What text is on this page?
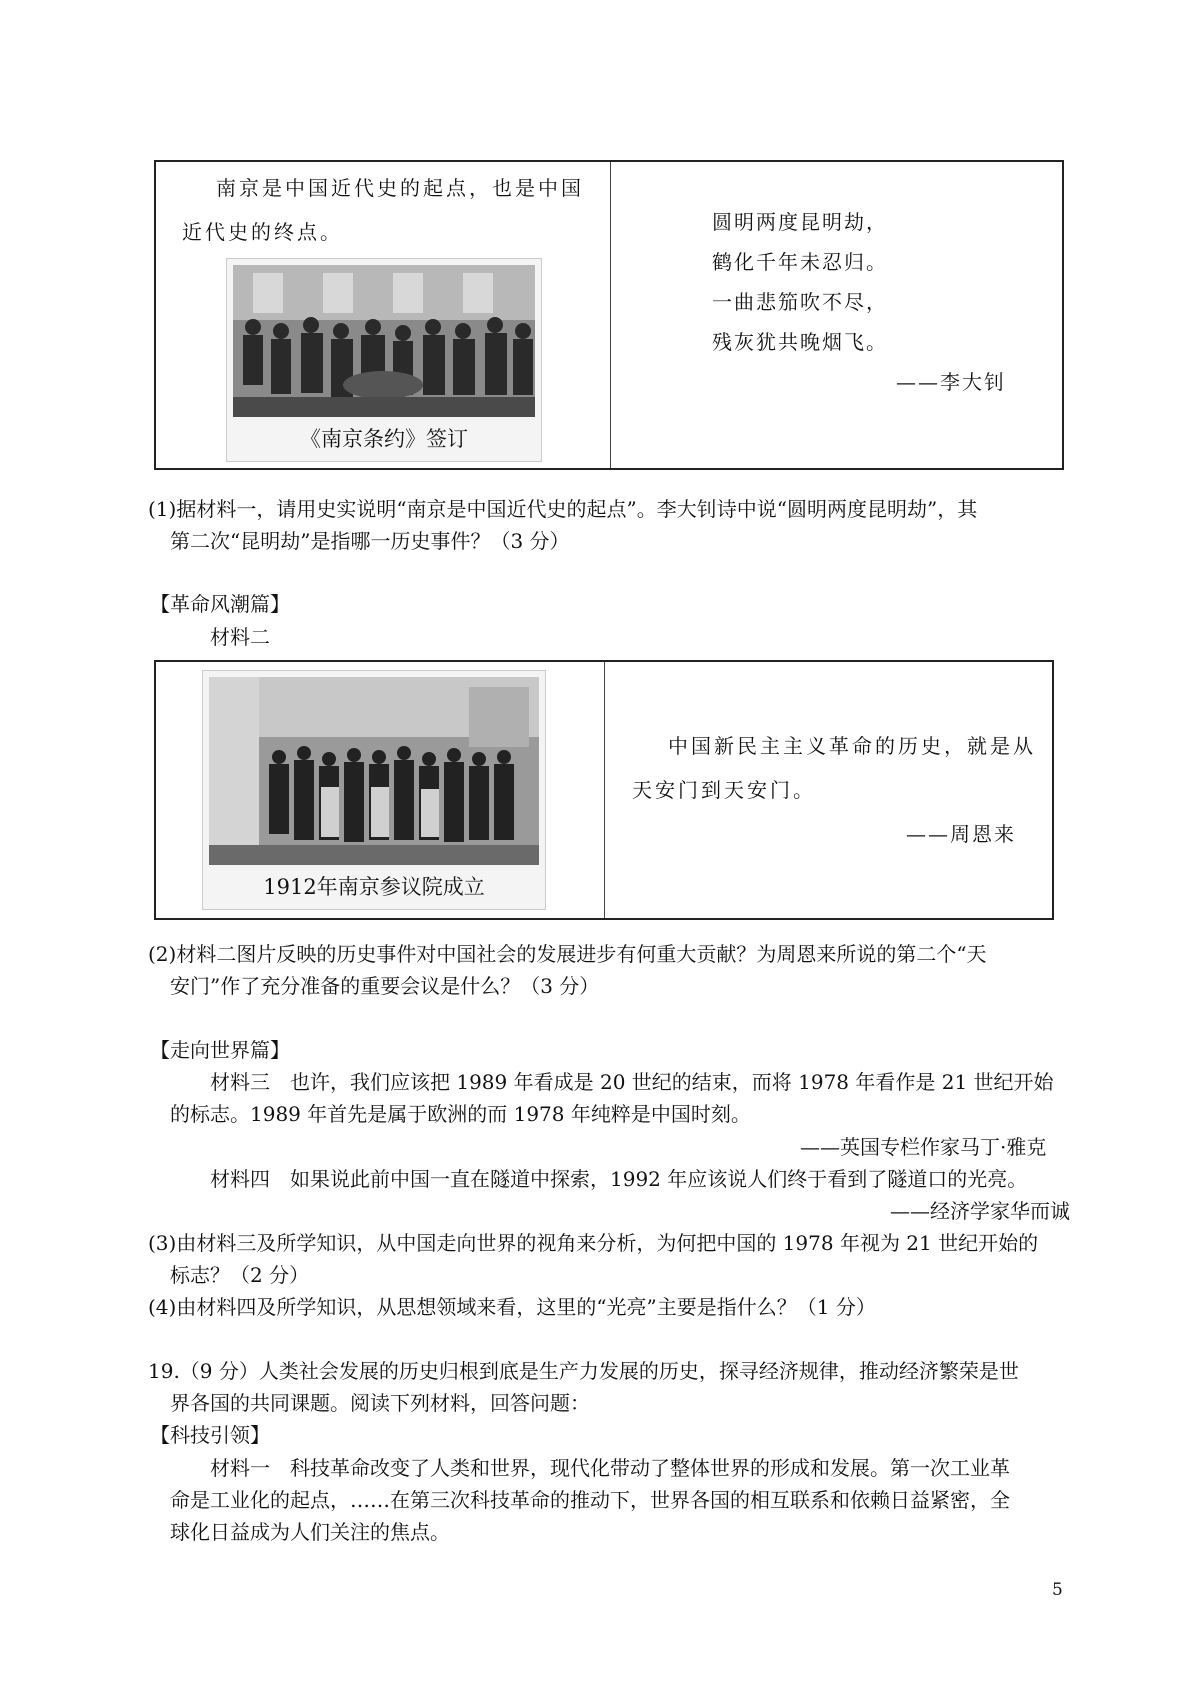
南京是中国近代史的起点，也是中国
近代史的终点。
《南京条约》签订
圆明两度昆明劫，
鹤化千年未忍归。
一曲悲笳吹不尽，
残灰犹共晚烟飞。
——李大钊
(1)据材料一，请用史实说明“南京是中国近代史的起点”。李大钊诗中说“圆明两度昆明劫”，其
第二次“昆明劫”是指哪一历史事件？（3 分）
【革命风潮篇】
材料二
1912年南京参议院成立
中国新民主主义革命的历史，就是从
天安门到天安门。
——周恩来
(2)材料二图片反映的历史事件对中国社会的发展进步有何重大贡献？为周恩来所说的第二个“天
安门”作了充分准备的重要会议是什么？（3 分）
【走向世界篇】
材料三　也许，我们应该把 1989 年看成是 20 世纪的结束，而将 1978 年看作是 21 世纪开始
的标志。1989 年首先是属于欧洲的而 1978 年纯粹是中国时刻。
——英国专栏作家马丁·雅克
材料四　如果说此前中国一直在隧道中探索，1992 年应该说人们终于看到了隧道口的光亮。
——经济学家华而诚
(3)由材料三及所学知识，从中国走向世界的视角来分析，为何把中国的 1978 年视为 21 世纪开始的
标志？（2 分）
(4)由材料四及所学知识，从思想领域来看，这里的“光亮”主要是指什么？（1 分）
19.（9 分）人类社会发展的历史归根到底是生产力发展的历史，探寻经济规律，推动经济繁荣是世
界各国的共同课题。阅读下列材料，回答问题：
【科技引领】
材料一　科技革命改变了人类和世界，现代化带动了整体世界的形成和发展。第一次工业革
命是工业化的起点，……在第三次科技革命的推动下，世界各国的相互联系和依赖日益紧密，全
球化日益成为人们关注的焦点。
5
